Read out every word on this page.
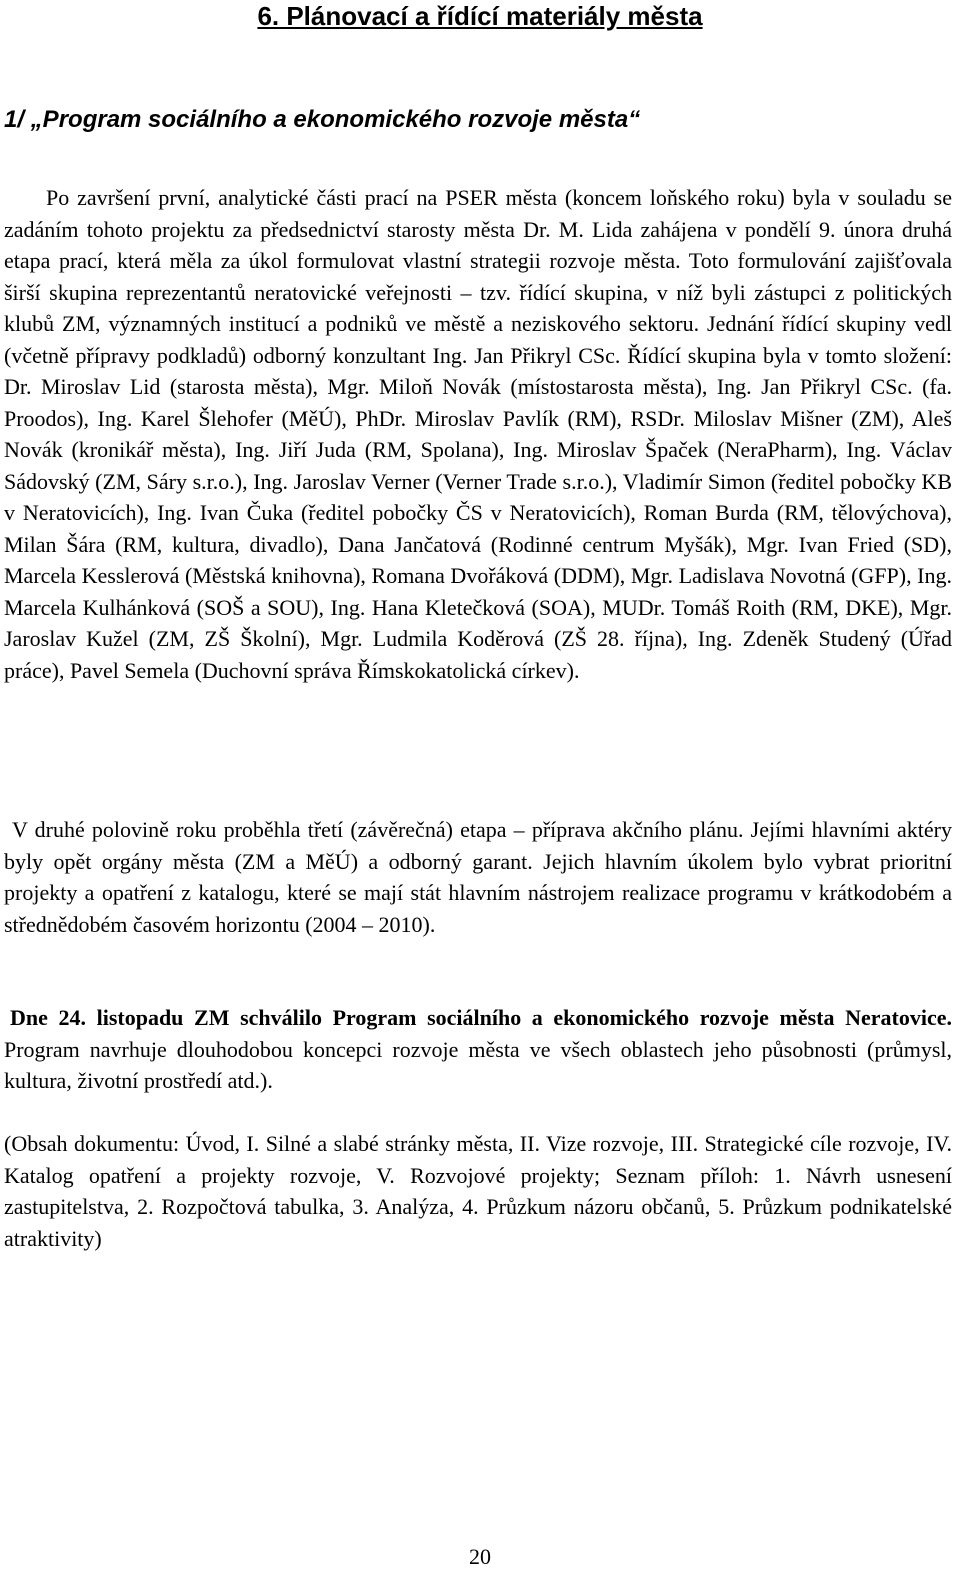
6. Plánovací a řídící materiály města
1/ „Program sociálního a ekonomického rozvoje města“
Po završení první, analytické části prací na PSER města (koncem loňského roku) byla v souladu se zadáním tohoto projektu za předsednictví starosty města Dr. M. Lida zahájena v pondělí 9. února druhá etapa prací, která měla za úkol formulovat vlastní strategii rozvoje města. Toto formulování zajišťovala širší skupina reprezentantů neratovické veřejnosti – tzv. řídící skupina, v níž byli zástupci z politických klubů ZM, významných institucí a podniků ve městě a neziskového sektoru. Jednání řídící skupiny vedl (včetně přípravy podkladů) odborný konzultant Ing. Jan Přikryl CSc. Řídící skupina byla v tomto složení: Dr. Miroslav Lid (starosta města), Mgr. Miloň Novák (místostarosta města), Ing. Jan Přikryl CSc. (fa. Proodos), Ing. Karel Šlehofer (MěÚ), PhDr. Miroslav Pavlík (RM), RSDr. Miloslav Mišner (ZM), Aleš Novák (kronikář města), Ing. Jiří Juda (RM, Spolana), Ing. Miroslav Špaček (NeraPharm), Ing. Václav Sádovský (ZM, Sáry s.r.o.), Ing. Jaroslav Verner (Verner Trade s.r.o.), Vladimír Simon (ředitel pobočky KB v Neratovicích), Ing. Ivan Čuka (ředitel pobočky ČS v Neratovicích), Roman Burda (RM, tělovýchova), Milan Šára (RM, kultura, divadlo), Dana Jančatová (Rodinné centrum Myšák), Mgr. Ivan Fried (SD), Marcela Kesslerová (Městská knihovna), Romana Dvořáková (DDM), Mgr. Ladislava Novotná (GFP), Ing. Marcela Kulhánková (SOŠ a SOU), Ing. Hana Kletečková (SOA), MUDr. Tomáš Roith (RM, DKE), Mgr. Jaroslav Kužel (ZM, ZŠ Školní), Mgr. Ludmila Koděrová (ZŠ 28. října), Ing. Zdeněk Studený (Úřad práce), Pavel Semela (Duchovní správa Římskokatolická církev).
V druhé polovině roku proběhla třetí (závěrečná) etapa – příprava akčního plánu. Jejími hlavními aktéry byly opět orgány města (ZM a MěÚ) a odborný garant. Jejich hlavním úkolem bylo vybrat prioritní projekty a opatření z katalogu, které se mají stát hlavním nástrojem realizace programu v krátkodobém a střednědobém časovém horizontu (2004 – 2010).
Dne 24. listopadu ZM schválilo Program sociálního a ekonomického rozvoje města Neratovice. Program navrhuje dlouhodobou koncepci rozvoje města ve všech oblastech jeho působnosti (průmysl, kultura, životní prostředí atd.).
(Obsah dokumentu: Úvod, I. Silné a slabé stránky města, II. Vize rozvoje, III. Strategické cíle rozvoje, IV. Katalog opatření a projekty rozvoje, V. Rozvojové projekty; Seznam příloh: 1. Návrh usnesení zastupitelstva, 2. Rozpočtová tabulka, 3. Analýza, 4. Průzkum názoru občanů, 5. Průzkum podnikatelské atraktivity)
20
